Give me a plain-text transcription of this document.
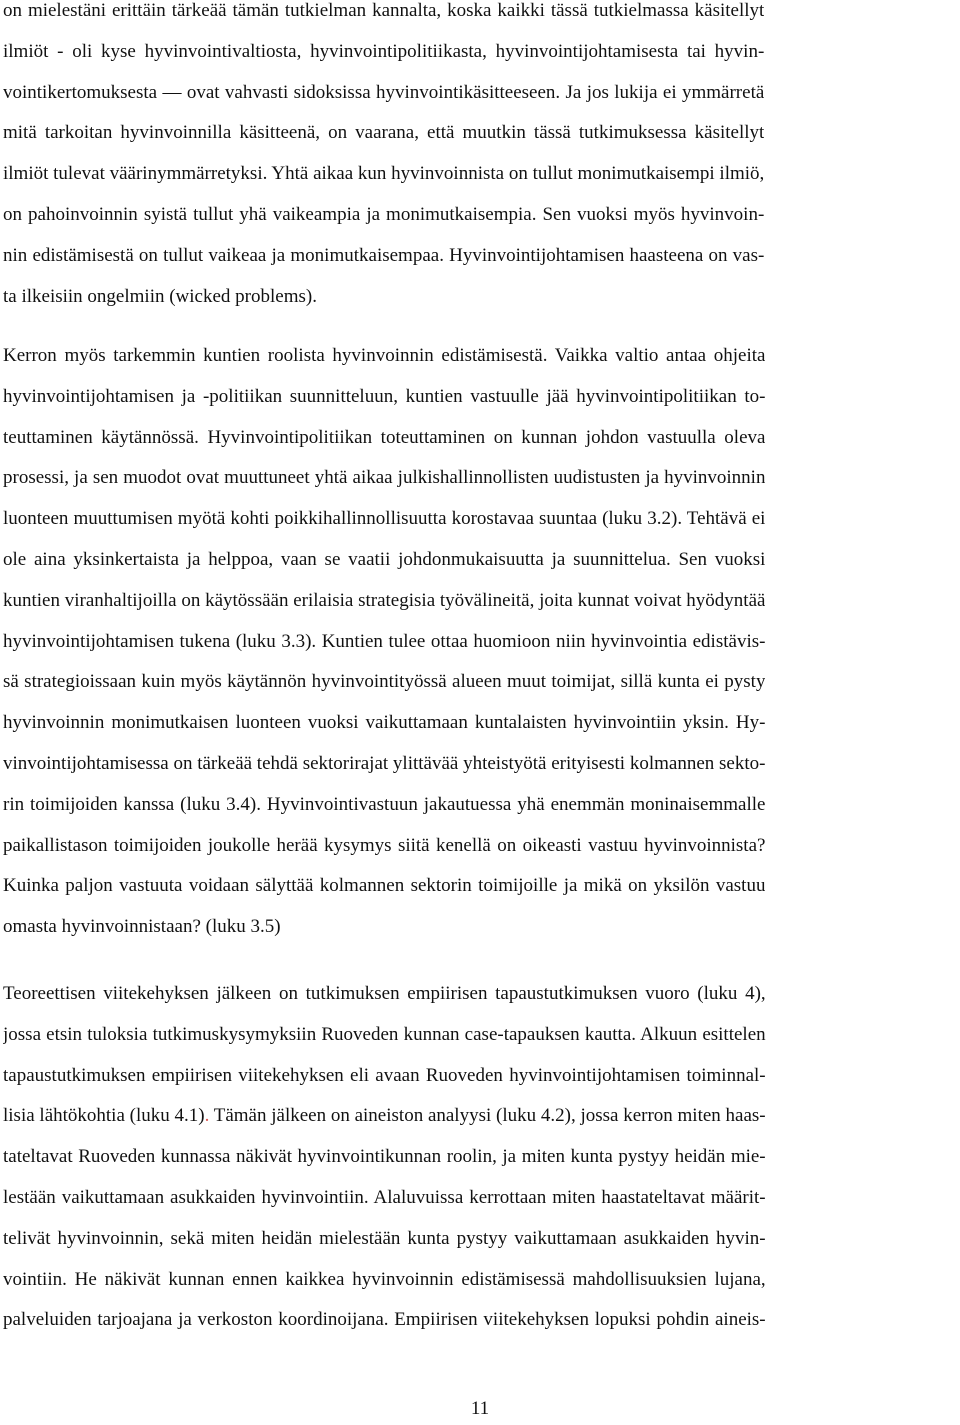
on mielestäni erittäin tärkeää tämän tutkielman kannalta, koska kaikki tässä tutkielmassa käsitellyt
ilmiöt - oli kyse hyvinvointivaltiosta, hyvinvointipolitiikasta, hyvinvointijohtamisesta tai hyvin-
vointikertomuksesta — ovat vahvasti sidoksissa hyvinvointikäsitteeseen. Ja jos lukija ei ymmärretä
mitä tarkoitan hyvinvoinnilla käsitteenä, on vaarana, että muutkin tässä tutkimuksessa käsitellyt
ilmiöt tulevat väärinymmärretyksi. Yhtä aikaa kun hyvinvoinnista on tullut monimutkaisempi ilmiö,
on pahoinvoinnin syistä tullut yhä vaikeampia ja monimutkaisempia. Sen vuoksi myös hyvinvoin-
nin edistämisestä on tullut vaikeaa ja monimutkaisempaa. Hyvinvointijohtamisen haasteena on vas-
ta ilkeisiin ongelmiin (wicked problems).
Kerron myös tarkemmin kuntien roolista hyvinvoinnin edistämisestä. Vaikka valtio antaa ohjeita
hyvinvointijohtamisen ja -politiikan suunnitteluun, kuntien vastuulle jää hyvinvointipolitiikan to-
teuttaminen käytännössä. Hyvinvointipolitiikan toteuttaminen on kunnan johdon vastuulla oleva
prosessi, ja sen muodot ovat muuttuneet yhtä aikaa julkishallinnollisten uudistusten ja hyvinvoinnin
luonteen muuttumisen myötä kohti poikkihallinnollisuutta korostavaa suuntaa (luku 3.2). Tehtävä ei
ole aina yksinkertaista ja helppoa, vaan se vaatii johdonmukaisuutta ja suunnittelua. Sen vuoksi
kuntien viranhaltijoilla on käytössään erilaisia strategisia työvälineitä, joita kunnat voivat hyödyntää
hyvinvointijohtamisen tukena (luku 3.3). Kuntien tulee ottaa huomioon niin hyvinvointia edistävis-
sä strategioissaan kuin myös käytännön hyvinvointityössä alueen muut toimijat, sillä kunta ei pysty
hyvinvoinnin monimutkaisen luonteen vuoksi vaikuttamaan kuntalaisten hyvinvointiin yksin. Hy-
vinvointijohtamisessa on tärkeää tehdä sektorirajat ylittävää yhteistyötä erityisesti kolmannen sekto-
rin toimijoiden kanssa (luku 3.4). Hyvinvointivastuun jakautuessa yhä enemmän moninaisemmalle
paikallistason toimijoiden joukolle herää kysymys siitä kenellä on oikeasti vastuu hyvinvoinnista?
Kuinka paljon vastuuta voidaan sälyttää kolmannen sektorin toimijoille ja mikä on yksilön vastuu
omasta hyvinvoinnistaan? (luku 3.5)
Teoreettisen viitekehyksen jälkeen on tutkimuksen empiirisen tapaustutkimuksen vuoro (luku 4),
jossa etsin tuloksia tutkimuskysymyksiin Ruoveden kunnan case-tapauksen kautta. Alkuun esittelen
tapaustutkimuksen empiirisen viitekehyksen eli avaan Ruoveden hyvinvointijohtamisen toiminnal-
lisia lähtökohtia (luku 4.1). Tämän jälkeen on aineiston analyysi (luku 4.2), jossa kerron miten haas-
tateltavat Ruoveden kunnassa näkivät hyvinvointikunnan roolin, ja miten kunta pystyy heidän mie-
lestään vaikuttamaan asukkaiden hyvinvointiin. Alaluvuissa kerrottaan miten haastateltavat määrit-
telivät hyvinvoinnin, sekä miten heidän mielestään kunta pystyy vaikuttamaan asukkaiden hyvin-
vointiin. He näkivät kunnan ennen kaikkea hyvinvoinnin edistämisessä mahdollisuuksien lujana,
palveluiden tarjoajana ja verkoston koordinoijana. Empiirisen viitekehyksen lopuksi pohdin aineis-
11
